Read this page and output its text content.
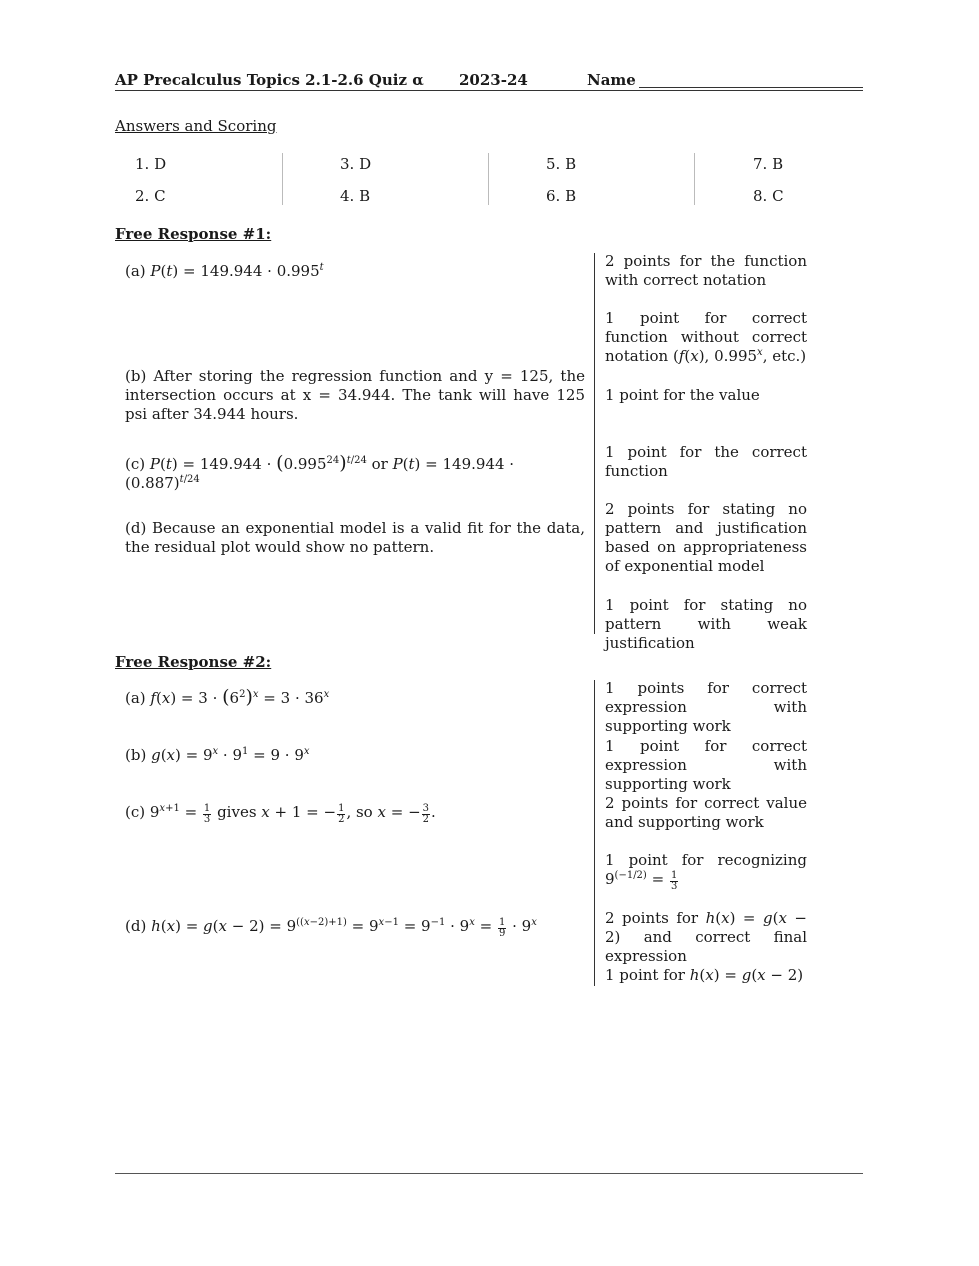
AP Precalculus Topics 2.1-2.6 Quiz α 2023-24	Name
Answers and Scoring
1. D
2. C
3. D
4. B
5. B
6. B
7. B
8. C
Free Response #1:
(a) $P(t) = 149.944 \cdot 0.995^t$
(b) After storing the regression function and y = 125, the intersection occurs at x = 34.944. The tank will have 125 psi after 34.944 hours.
(c) $P(t) = 149.944 \cdot (0.995^{24})^{t/24}$ or $P(t) = 149.944 \cdot (0.887)^{t/24}$
(d) Because an exponential model is a valid fit for the data, the residual plot would show no pattern.
2 points for the function with correct notation
1 point for correct function without correct notation (f(x), 0.995$^x$, etc.)
1 point for the value
1 point for the correct function
2 points for stating no pattern and justification based on appropriateness of exponential model
1 point for stating no pattern with weak justification
Free Response #2:
(a) $f(x) = 3 \cdot (6^2)^x = 3 \cdot 36^x$
(b) $g(x) = 9^x \cdot 9^1 = 9 \cdot 9^x$
(c) $9^{x+1} = \frac{1}{3}$ gives x + 1 = − $\frac{1}{2}$ , so x = − $\frac{3}{2}$ .
(d) $h(x) = g(x - 2) = 9^{((x-2)+1)} = 9^{x-1} = 9^{-1} \cdot 9^x = \frac{1}{9} \cdot 9^x$
1 points for correct expression with supporting work
1 point for correct expression with supporting work
2 points for correct value and supporting work
1 point for recognizing
$9^{(-1/2)} = \frac{1}{3}$
2 points for h(x) = g(x − 2) and correct final expression
1 point for h(x) = g(x − 2)
